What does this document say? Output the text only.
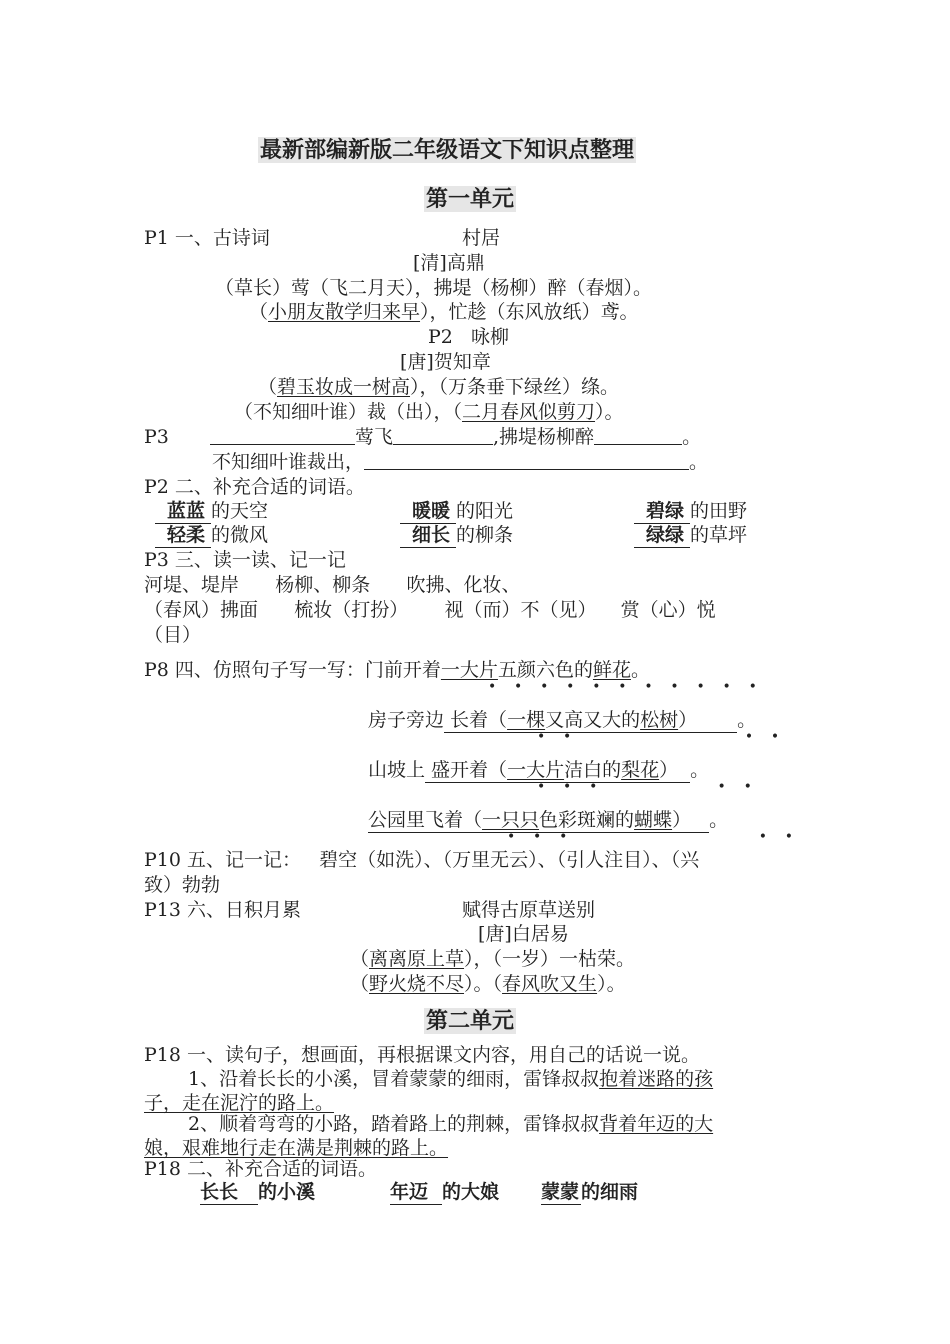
最新部编新版二年级语文下知识点整理
第一单元
P1 一、古诗词	村居
[清]高鼎
（草长）莺（飞二月天），拂堤（杨柳）醉（春烟）。
（小朋友散学归来早），忙趁（东风放纸）鸢。
P2   咏柳
[唐]贺知章
（碧玉妆成一树高），（万条垂下绿丝）绦。
（不知细叶谁）裁（出），（二月春风似剪刀）。
P3	莺飞	,拂堤杨柳醉	。
不知细叶谁裁出，	。
P2 二、补充合适的词语。
蓝蓝 的天空	暖暖 的阳光	碧绿 的田野
轻柔 的微风	细长 的柳条	绿绿 的草坪
P3 三、读一读、记一记
河堤、堤岸      杨柳、柳条      吹拂、化妆、
（春风）拂面      梳妆（打扮）      视（而）不（见）    赏（心）悦
（目）
P8 四、仿照句子写一写：门前开着一大片五颜六色的鲜花。
•    •    •    •    •    •    •    •    •    •    •
房子旁边 长着（一棵又高又大的松树） 。
•    •                                       •    •
山坡上 盛开着（一大片洁白的梨花） 。
•    •    •                           •    •
公园里飞着（一只只色彩斑斓的蝴蝶） 。
•    •    •                                           •    •
P10 五、记一记：   碧空（如洗）、（万里无云）、（引人注目）、（兴
致）勃勃
P13 六、日积月累	赋得古原草送别
[唐]白居易
（离离原上草），（一岁）一枯荣。
（野火烧不尽）。（春风吹又生）。
第二单元
P18 一、读句子，想画面，再根据课文内容，用自己的话说一说。
1、沿着长长的小溪，冒着蒙蒙的细雨，雷锋叔叔抱着迷路的孩
子，走在泥泞的路上。
2、顺着弯弯的小路，踏着路上的荆棘，雷锋叔叔背着年迈的大
娘，艰难地行走在满是荆棘的路上。
P18 二、补充合适的词语。
长长 的小溪	年迈 的大娘 蒙蒙 的细雨
